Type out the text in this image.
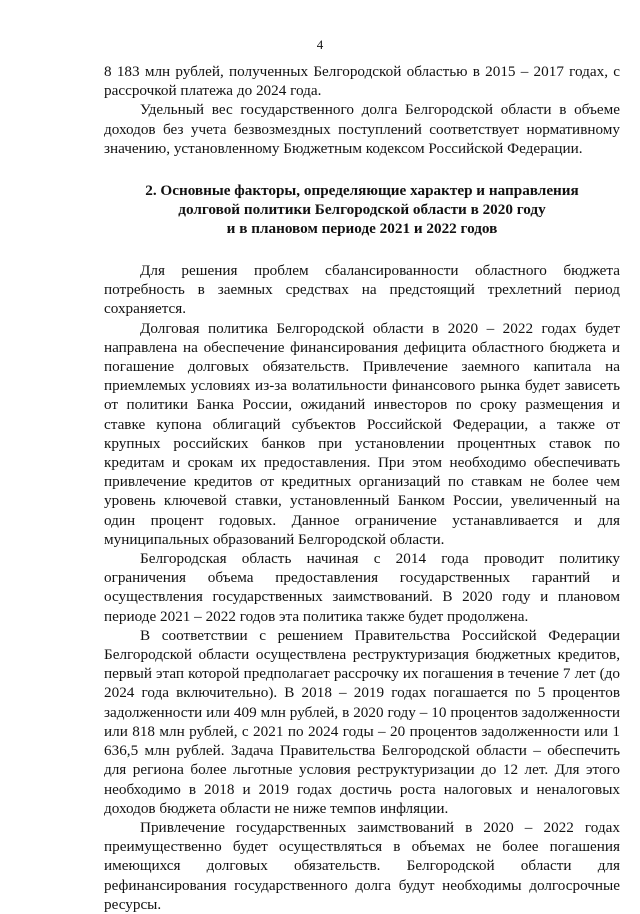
4

8 183 млн рублей, полученных Белгородской областью в 2015 – 2017 годах, с рассрочкой платежа до 2024 года.

Удельный вес государственного долга Белгородской области в объеме доходов без учета безвозмездных поступлений соответствует нормативному значению, установленному Бюджетным кодексом Российской Федерации.

2. Основные факторы, определяющие характер и направления
долговой политики Белгородской области в 2020 году
и в плановом периоде 2021 и 2022 годов

Для решения проблем сбалансированности областного бюджета потребность в заемных средствах на предстоящий трехлетний период сохраняется.

Долговая политика Белгородской области в 2020 – 2022 годах будет направлена на обеспечение финансирования дефицита областного бюджета и погашение долговых обязательств. Привлечение заемного капитала на приемлемых условиях из-за волатильности финансового рынка будет зависеть от политики Банка России, ожиданий инвесторов по сроку размещения и ставке купона облигаций субъектов Российской Федерации, а также от крупных российских банков при установлении процентных ставок по кредитам и срокам их предоставления. При этом необходимо обеспечивать привлечение кредитов от кредитных организаций по ставкам не более чем уровень ключевой ставки, установленный Банком России, увеличенный на один процент годовых. Данное ограничение устанавливается и для муниципальных образований Белгородской области.

Белгородская область начиная с 2014 года проводит политику ограничения объема предоставления государственных гарантий и осуществления государственных заимствований. В 2020 году и плановом периоде 2021 – 2022 годов эта политика также будет продолжена.

В соответствии с решением Правительства Российской Федерации Белгородской области осуществлена реструктуризация бюджетных кредитов, первый этап которой предполагает рассрочку их погашения в течение 7 лет (до 2024 года включительно). В 2018 – 2019 годах погашается по 5 процентов задолженности или 409 млн рублей, в 2020 году – 10 процентов задолженности или 818 млн рублей, с 2021 по 2024 годы – 20 процентов задолженности или 1 636,5 млн рублей. Задача Правительства Белгородской области – обеспечить для региона более льготные условия реструктуризации до 12 лет. Для этого необходимо в 2018 и 2019 годах достичь роста налоговых и неналоговых доходов бюджета области не ниже темпов инфляции.

Привлечение государственных заимствований в 2020 – 2022 годах преимущественно будет осуществляться в объемах не более погашения имеющихся долговых обязательств. Белгородской области для рефинансирования государственного долга будут необходимы долгосрочные ресурсы.
